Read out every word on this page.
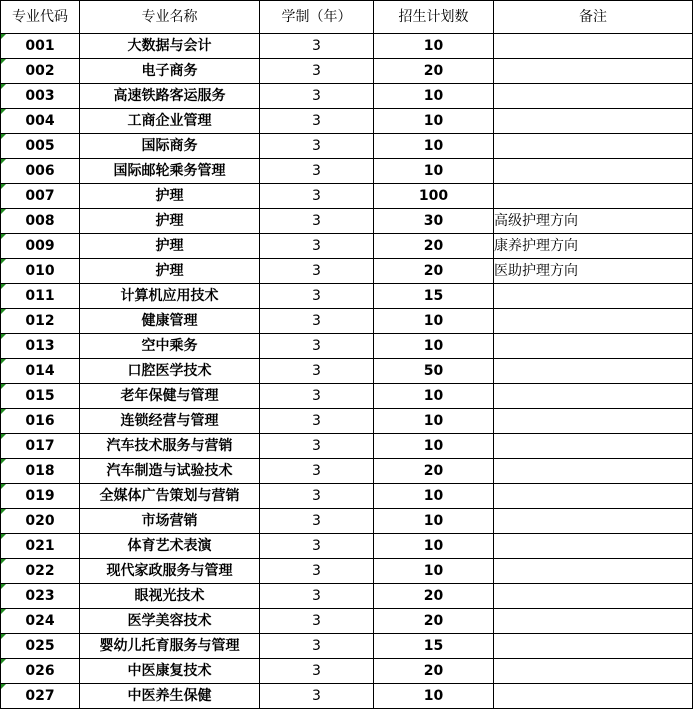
专业代码	专业名称	学制（年）	招生计划数	备注

001	大数据与会计	3	10	

002	电子商务	3	20	

003	高速铁路客运服务	3	10	

004	工商企业管理	3	10	

005	国际商务	3	10	

006	国际邮轮乘务管理	3	10	

007	护理	3	100	

008	护理	3	30	高级护理方向

009	护理	3	20	康养护理方向

010	护理	3	20	医助护理方向

011	计算机应用技术	3	15	

012	健康管理	3	10	

013	空中乘务	3	10	

014	口腔医学技术	3	50	

015	老年保健与管理	3	10	

016	连锁经营与管理	3	10	

017	汽车技术服务与营销	3	10	

018	汽车制造与试验技术	3	20	

019	全媒体广告策划与营销	3	10	

020	市场营销	3	10	

021	体育艺术表演	3	10	

022	现代家政服务与管理	3	10	

023	眼视光技术	3	20	

024	医学美容技术	3	20	

025	婴幼儿托育服务与管理	3	15	

026	中医康复技术	3	20	

027	中医养生保健	3	10	
